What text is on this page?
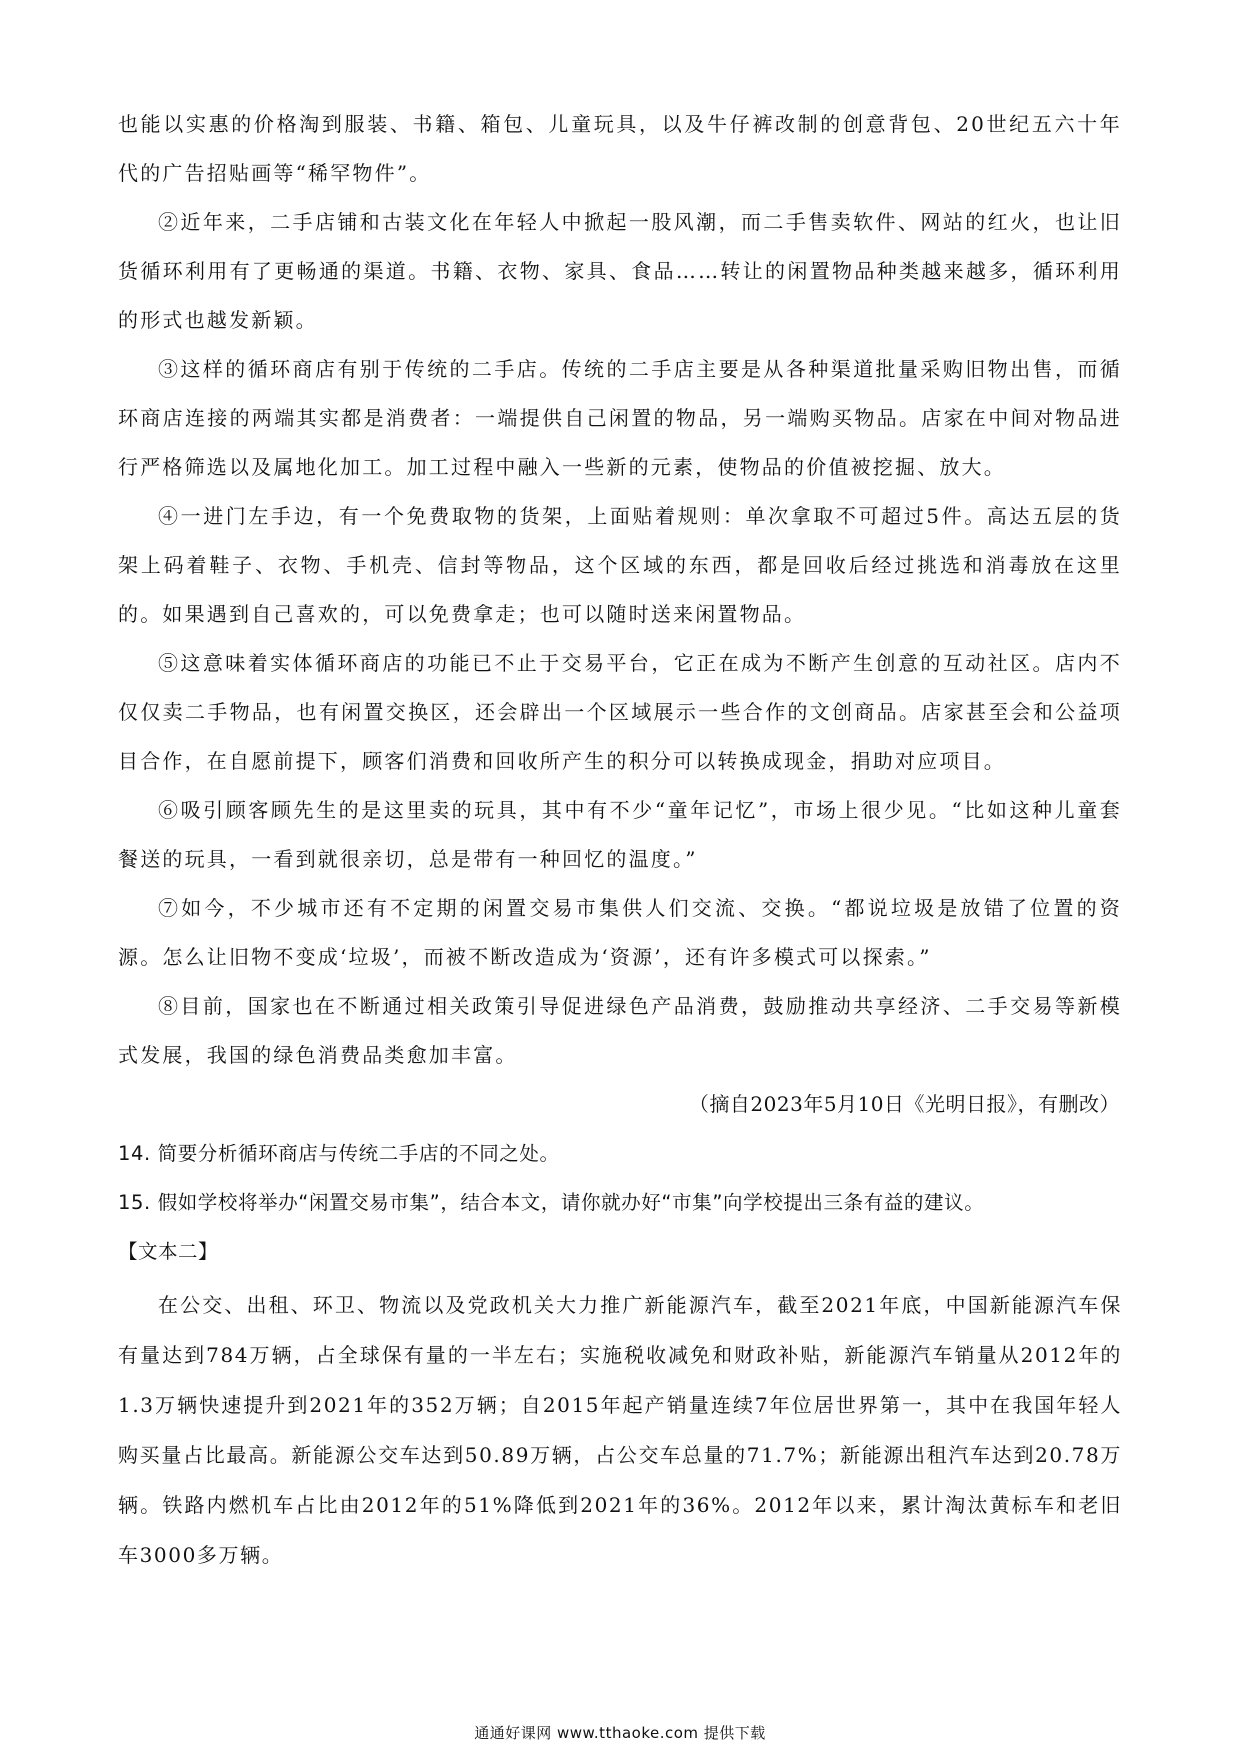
也能以实惠的价格淘到服装、书籍、箱包、儿童玩具，以及牛仔裤改制的创意背包、20世纪五六十年代的广告招贴画等“稀罕物件”。

②近年来，二手店铺和古装文化在年轻人中掀起一股风潮，而二手售卖软件、网站的红火，也让旧货循环利用有了更畅通的渠道。书籍、衣物、家具、食品……转让的闲置物品种类越来越多，循环利用的形式也越发新颖。

③这样的循环商店有别于传统的二手店。传统的二手店主要是从各种渠道批量采购旧物出售，而循环商店连接的两端其实都是消费者：一端提供自己闲置的物品，另一端购买物品。店家在中间对物品进行严格筛选以及属地化加工。加工过程中融入一些新的元素，使物品的价值被挖掘、放大。

④一进门左手边，有一个免费取物的货架，上面贴着规则：单次拿取不可超过5件。高达五层的货架上码着鞋子、衣物、手机壳、信封等物品，这个区域的东西，都是回收后经过挑选和消毒放在这里的。如果遇到自己喜欢的，可以免费拿走；也可以随时送来闲置物品。

⑤这意味着实体循环商店的功能已不止于交易平台，它正在成为不断产生创意的互动社区。店内不仅仅卖二手物品，也有闲置交换区，还会辟出一个区域展示一些合作的文创商品。店家甚至会和公益项目合作，在自愿前提下，顾客们消费和回收所产生的积分可以转换成现金，捐助对应项目。

⑥吸引顾客顾先生的是这里卖的玩具，其中有不少“童年记忆”，市场上很少见。“比如这种儿童套餐送的玩具，一看到就很亲切，总是带有一种回忆的温度。”

⑦如今，不少城市还有不定期的闲置交易市集供人们交流、交换。“都说垃圾是放错了位置的资源。怎么让旧物不变成‘垃圾’，而被不断改造成为‘资源’，还有许多模式可以探索。”

⑧目前，国家也在不断通过相关政策引导促进绿色产品消费，鼓励推动共享经济、二手交易等新模式发展，我国的绿色消费品类愈加丰富。

（摘自2023年5月10日《光明日报》，有删改）

14. 简要分析循环商店与传统二手店的不同之处。

15. 假如学校将举办“闲置交易市集”，结合本文，请你就办好“市集”向学校提出三条有益的建议。

【文本二】

在公交、出租、环卫、物流以及党政机关大力推广新能源汽车，截至2021年底，中国新能源汽车保有量达到784万辆，占全球保有量的一半左右；实施税收减免和财政补贴，新能源汽车销量从2012年的1.3万辆快速提升到2021年的352万辆；自2015年起产销量连续7年位居世界第一，其中在我国年轻人购买量占比最高。新能源公交车达到50.89万辆，占公交车总量的71.7%；新能源出租汽车达到20.78万辆。铁路内燃机车占比由2012年的51%降低到2021年的36%。2012年以来，累计淘汰黄标车和老旧车3000多万辆。

通通好课网 www.tthaoke.com 提供下载
